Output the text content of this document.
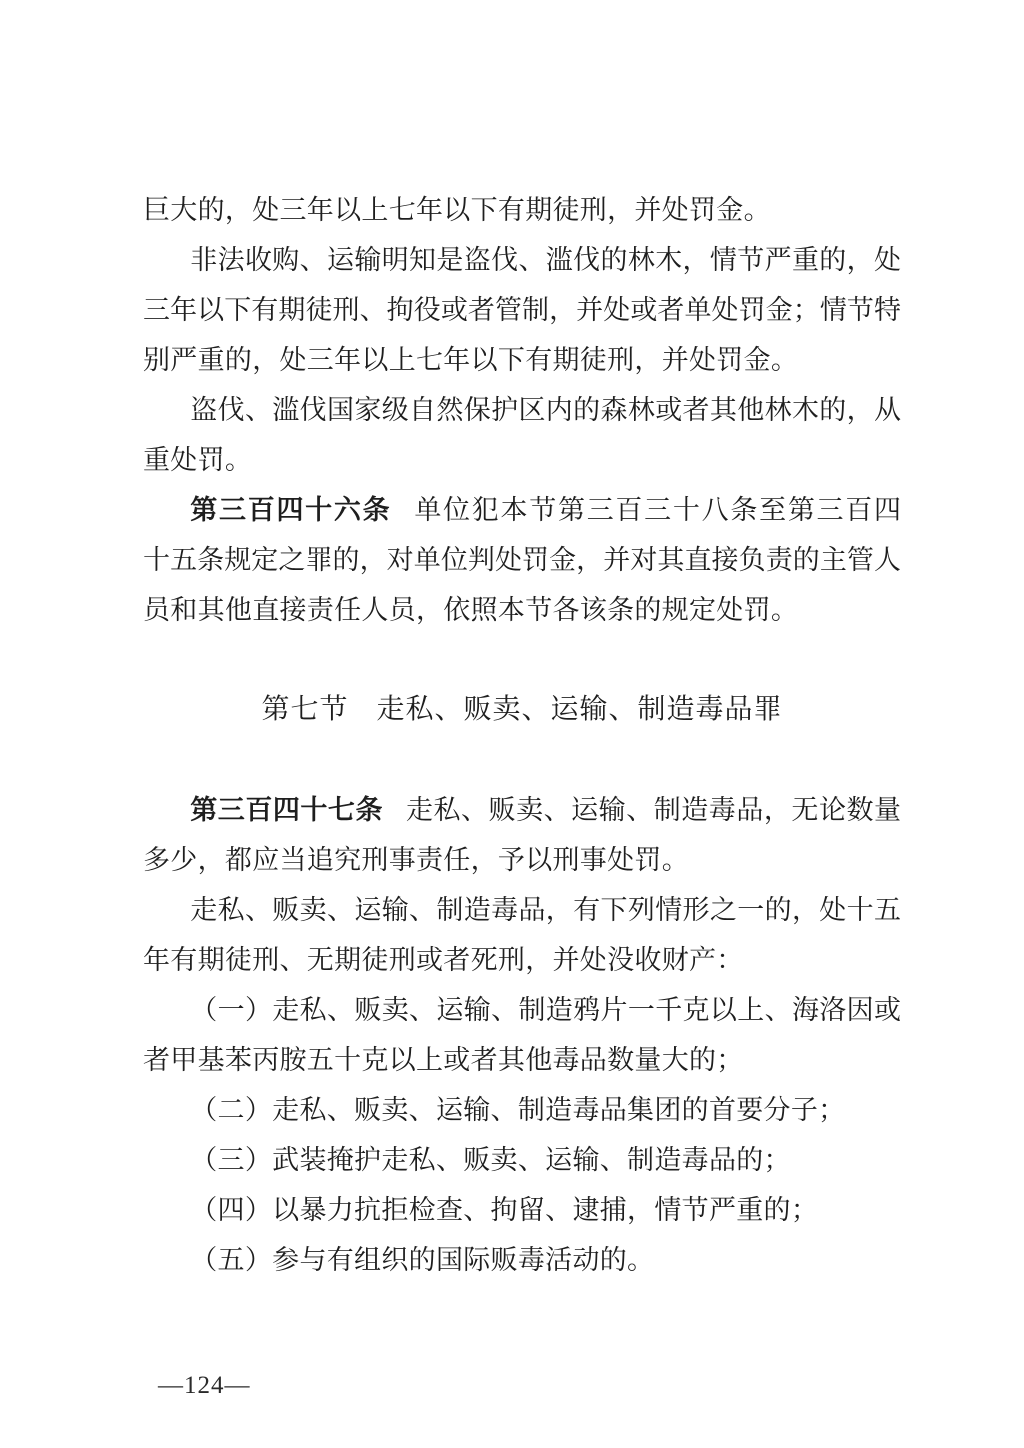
巨大的，处三年以上七年以下有期徒刑，并处罚金。
非法收购、运输明知是盗伐、滥伐的林木，情节严重的，处
三年以下有期徒刑、拘役或者管制，并处或者单处罚金；情节特
别严重的，处三年以上七年以下有期徒刑，并处罚金。
盗伐、滥伐国家级自然保护区内的森林或者其他林木的，从
重处罚。
第三百四十六条 单位犯本节第三百三十八条至第三百四
十五条规定之罪的，对单位判处罚金，并对其直接负责的主管人
员和其他直接责任人员，依照本节各该条的规定处罚。
第七节 走私、贩卖、运输、制造毒品罪
第三百四十七条 走私、贩卖、运输、制造毒品，无论数量
多少，都应当追究刑事责任，予以刑事处罚。
走私、贩卖、运输、制造毒品，有下列情形之一的，处十五
年有期徒刑、无期徒刑或者死刑，并处没收财产：
（一）走私、贩卖、运输、制造鸦片一千克以上、海洛因或
者甲基苯丙胺五十克以上或者其他毒品数量大的；
（二）走私、贩卖、运输、制造毒品集团的首要分子；
（三）武装掩护走私、贩卖、运输、制造毒品的；
（四）以暴力抗拒检查、拘留、逮捕，情节严重的；
（五）参与有组织的国际贩毒活动的。
—124—
